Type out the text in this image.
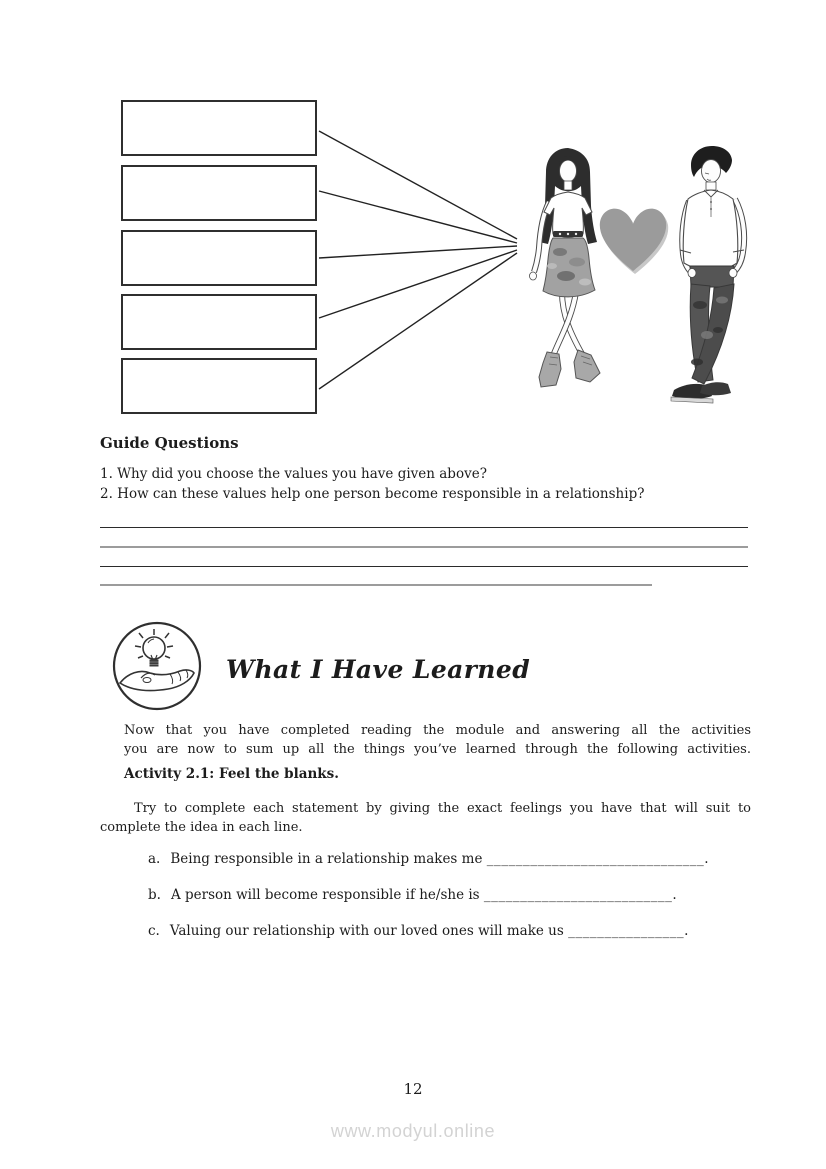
Guide Questions
1. Why did you choose the values you have given above?
2. How can these values help one person become responsible in a relationship?
What I Have Learned
Now that you have completed reading the module and answering all the activities
you are now to sum up all the things you’ve learned through the following activities.
Activity 2.1: Feel the blanks.
Try to complete each statement by giving the exact feelings you have that will suit to
complete the idea in each line.
a. Being responsible in a relationship makes me ______________________________.
b. A person will become responsible if he/she is __________________________.
c. Valuing our relationship with our loved ones will make us ________________.
12
www.modyul.online
